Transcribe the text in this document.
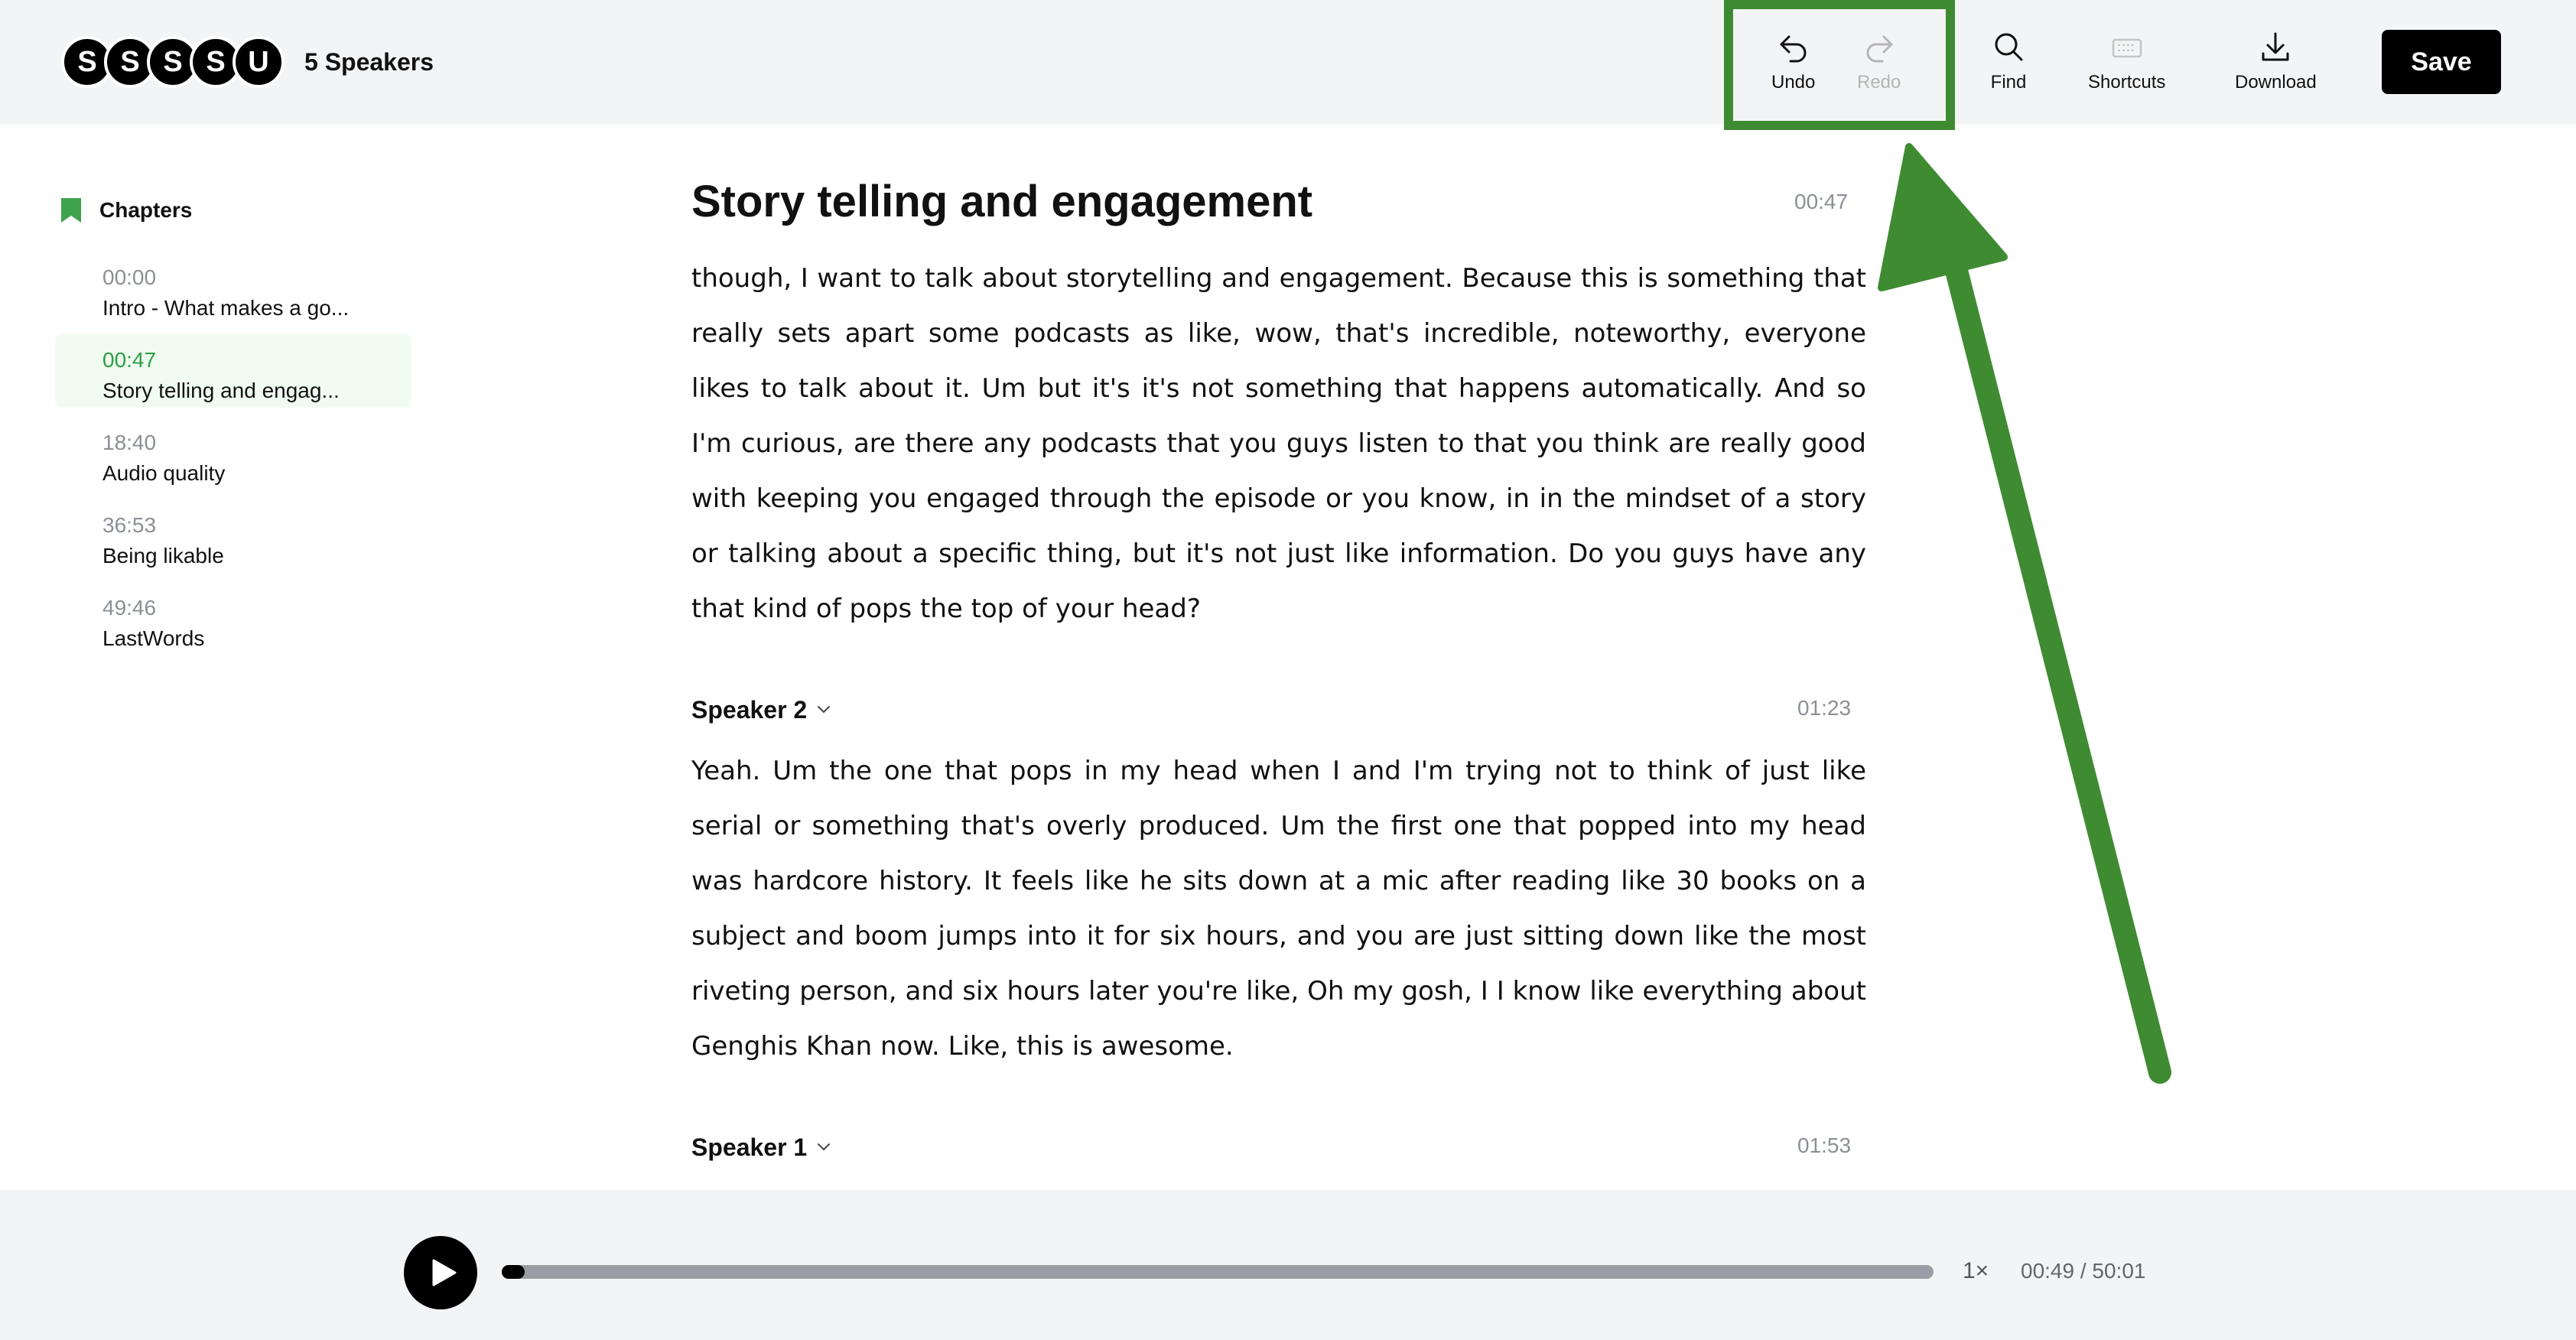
S S S S U	5 Speakers
Undo Redo	Find	Shortcuts	Download
Save
Chapters
00:00
Intro - What makes a go...
00:47
Story telling and engag...
18:40
Audio quality
36:53
Being likable
49:46
LastWords
Story telling and engagement	00:47
though, I want to talk about storytelling and engagement. Because this is something that really sets apart some podcasts as like, wow, that's incredible, noteworthy, everyone likes to talk about it. Um but it's it's not something that happens automatically. And so I'm curious, are there any podcasts that you guys listen to that you think are really good with keeping you engaged through the episode or you know, in in the mindset of a story or talking about a specific thing, but it's not just like information. Do you guys have any that kind of pops the top of your head?
Speaker 2	01:23
Yeah. Um the one that pops in my head when I and I'm trying not to think of just like serial or something that's overly produced. Um the first one that popped into my head was hardcore history. It feels like he sits down at a mic after reading like 30 books on a subject and boom jumps into it for six hours, and you are just sitting down like the most riveting person, and six hours later you're like, Oh my gosh, I I know like everything about Genghis Khan now. Like, this is awesome.
Speaker 1	01:53
1× 00:49 / 50:01
